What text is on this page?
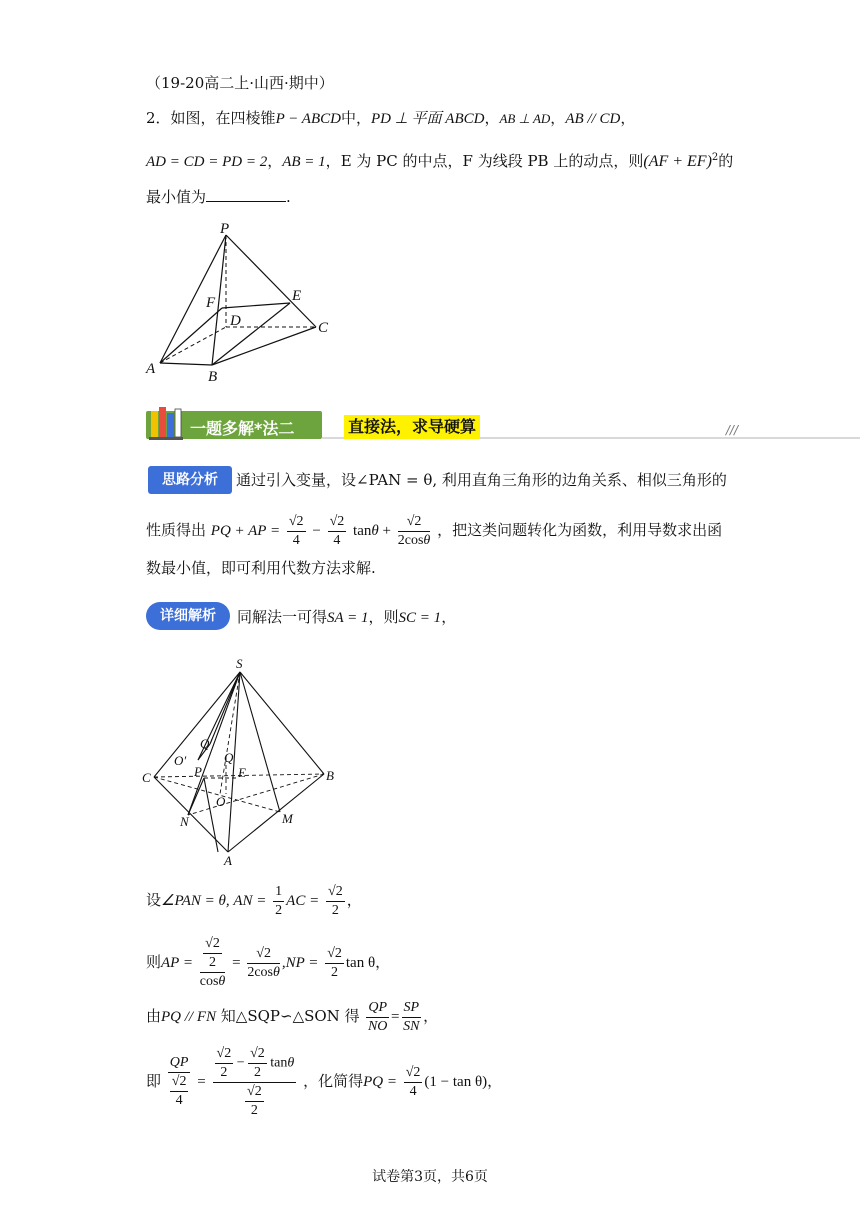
（19-20高二上·山西·期中）
2．如图，在四棱锥P − ABCD中，PD ⊥ 平面 ABCD，AB ⊥ AD，AB // CD，
AD = CD = PD = 2，AB = 1，E 为 PC 的中点，F 为线段 PB 上的动点，则(AF + EF)$^2$的
最小值为	.
P
E
F
D	C
A	B
一题多解*法二	直接法，求导硬算	///
思路分析	通过引入变量，设∠PAN = θ, 利用直角三角形的边角关系、相似三角形的
性质得出 PQ + AP = $\frac{√2}{4} - \frac{√2}{4}$ $\tan\theta + \frac{√2}{2\cos\theta}$ ，把这类问题转化为函数，利用导数求出函
数最小值，即可利用代数方法求解.
详细解析	同解法一可得SA = 1，则SC = 1，
S
Q′
O′	Q
P	E
C	B
O
N	M
A
设∠PAN = θ, AN = $\frac{1}{2}$ AC = $\frac{√2}{2}$ ，
则AP = $\frac{\frac{√2}{2}}{\cos\theta} = \frac{√2}{2\cos\theta} ,NP = \frac{√2}{2}$ tan θ，
由PQ // FN 知△SQP∽△SON 得 $\frac{QP}{NO} = \frac{SP}{SN}$ ，
即 $\frac{QP}{\frac{√2}{4}} = \frac{\frac{√2}{2} - \frac{√2}{2} \tan\theta}{\frac{√2}{2}}$ ，化简得PQ = $\frac{√2}{4} (1 - \tan \theta)$，
试卷第3页，共6页
